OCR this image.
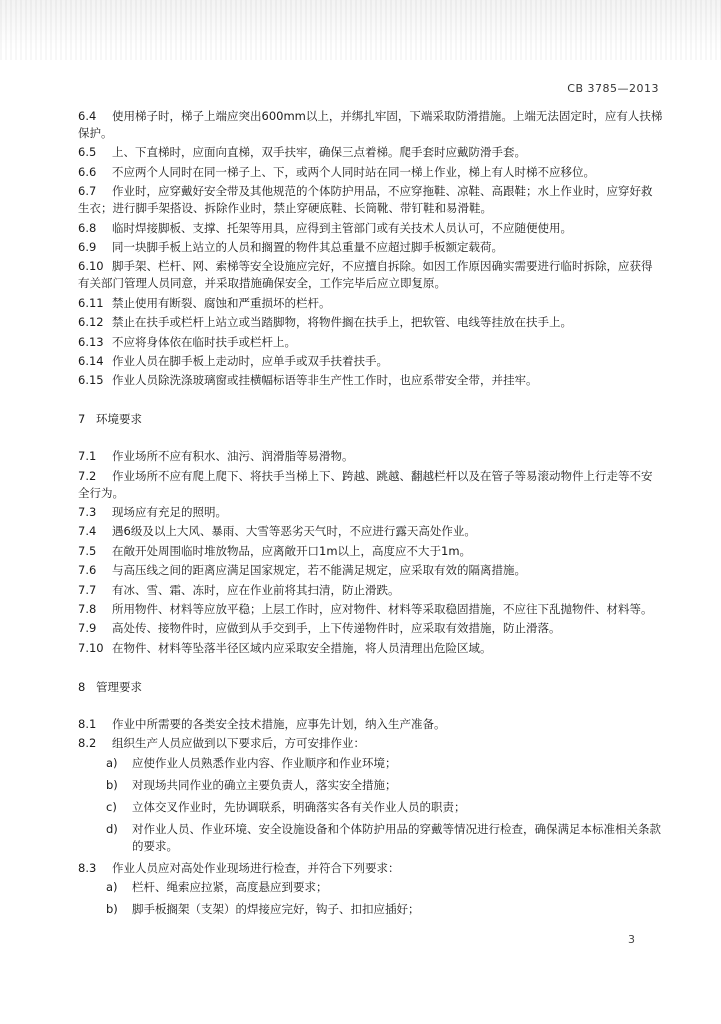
CB 3785—2013

6.4 使用梯子时，梯子上端应突出600mm以上，并绑扎牢固，下端采取防滑措施。上端无法固定时，应有人扶梯保护。

6.5 上、下直梯时，应面向直梯，双手扶牢，确保三点着梯。爬手套时应戴防滑手套。

6.6 不应两个人同时在同一梯子上、下，或两个人同时站在同一梯上作业，梯上有人时梯不应移位。

6.7 作业时，应穿戴好安全带及其他规范的个体防护用品，不应穿拖鞋、凉鞋、高跟鞋；水上作业时，应穿好救生衣；进行脚手架搭设、拆除作业时，禁止穿硬底鞋、长筒靴、带钉鞋和易滑鞋。

6.8 临时焊接脚板、支撑、托架等用具，应得到主管部门或有关技术人员认可，不应随便使用。

6.9 同一块脚手板上站立的人员和搁置的物件其总重量不应超过脚手板额定载荷。

6.10 脚手架、栏杆、网、索梯等安全设施应完好，不应擅自拆除。如因工作原因确实需要进行临时拆除，应获得有关部门管理人员同意，并采取措施确保安全，工作完毕后应立即复原。

6.11 禁止使用有断裂、腐蚀和严重损坏的栏杆。

6.12 禁止在扶手或栏杆上站立或当踏脚物，将物件搁在扶手上，把软管、电线等挂放在扶手上。

6.13 不应将身体依在临时扶手或栏杆上。

6.14 作业人员在脚手板上走动时，应单手或双手扶着扶手。

6.15 作业人员除洗涤玻璃窗或挂横幅标语等非生产性工作时，也应系带安全带，并挂牢。

7 环境要求

7.1 作业场所不应有积水、油污、润滑脂等易滑物。

7.2 作业场所不应有爬上爬下、将扶手当梯上下、跨越、跳越、翻越栏杆以及在管子等易滚动物件上行走等不安全行为。

7.3 现场应有充足的照明。

7.4 遇6级及以上大风、暴雨、大雪等恶劣天气时，不应进行露天高处作业。

7.5 在敞开处周围临时堆放物品，应离敞开口1m以上，高度应不大于1m。

7.6 与高压线之间的距离应满足国家规定，若不能满足规定，应采取有效的隔离措施。

7.7 有冰、雪、霜、冻时，应在作业前将其扫清，防止滑跌。

7.8 所用物件、材料等应放平稳；上层工作时，应对物件、材料等采取稳固措施，不应往下乱抛物件、材料等。

7.9 高处传、接物件时，应做到从手交到手，上下传递物件时，应采取有效措施，防止滑落。

7.10 在物件、材料等坠落半径区域内应采取安全措施，将人员清理出危险区域。

8 管理要求

8.1 作业中所需要的各类安全技术措施，应事先计划，纳入生产准备。

8.2 组织生产人员应做到以下要求后，方可安排作业：

a) 应使作业人员熟悉作业内容、作业顺序和作业环境；

b) 对现场共同作业的确立主要负责人，落实安全措施；

c) 立体交叉作业时，先协调联系，明确落实各有关作业人员的职责；

d) 对作业人员、作业环境、安全设施设备和个体防护用品的穿戴等情况进行检查，确保满足本标准相关条款的要求。

8.3 作业人员应对高处作业现场进行检查，并符合下列要求：

a) 栏杆、绳索应拉紧，高度悬应到要求；

b) 脚手板搁架（支架）的焊接应完好，钩子、扣扣应插好；

3
